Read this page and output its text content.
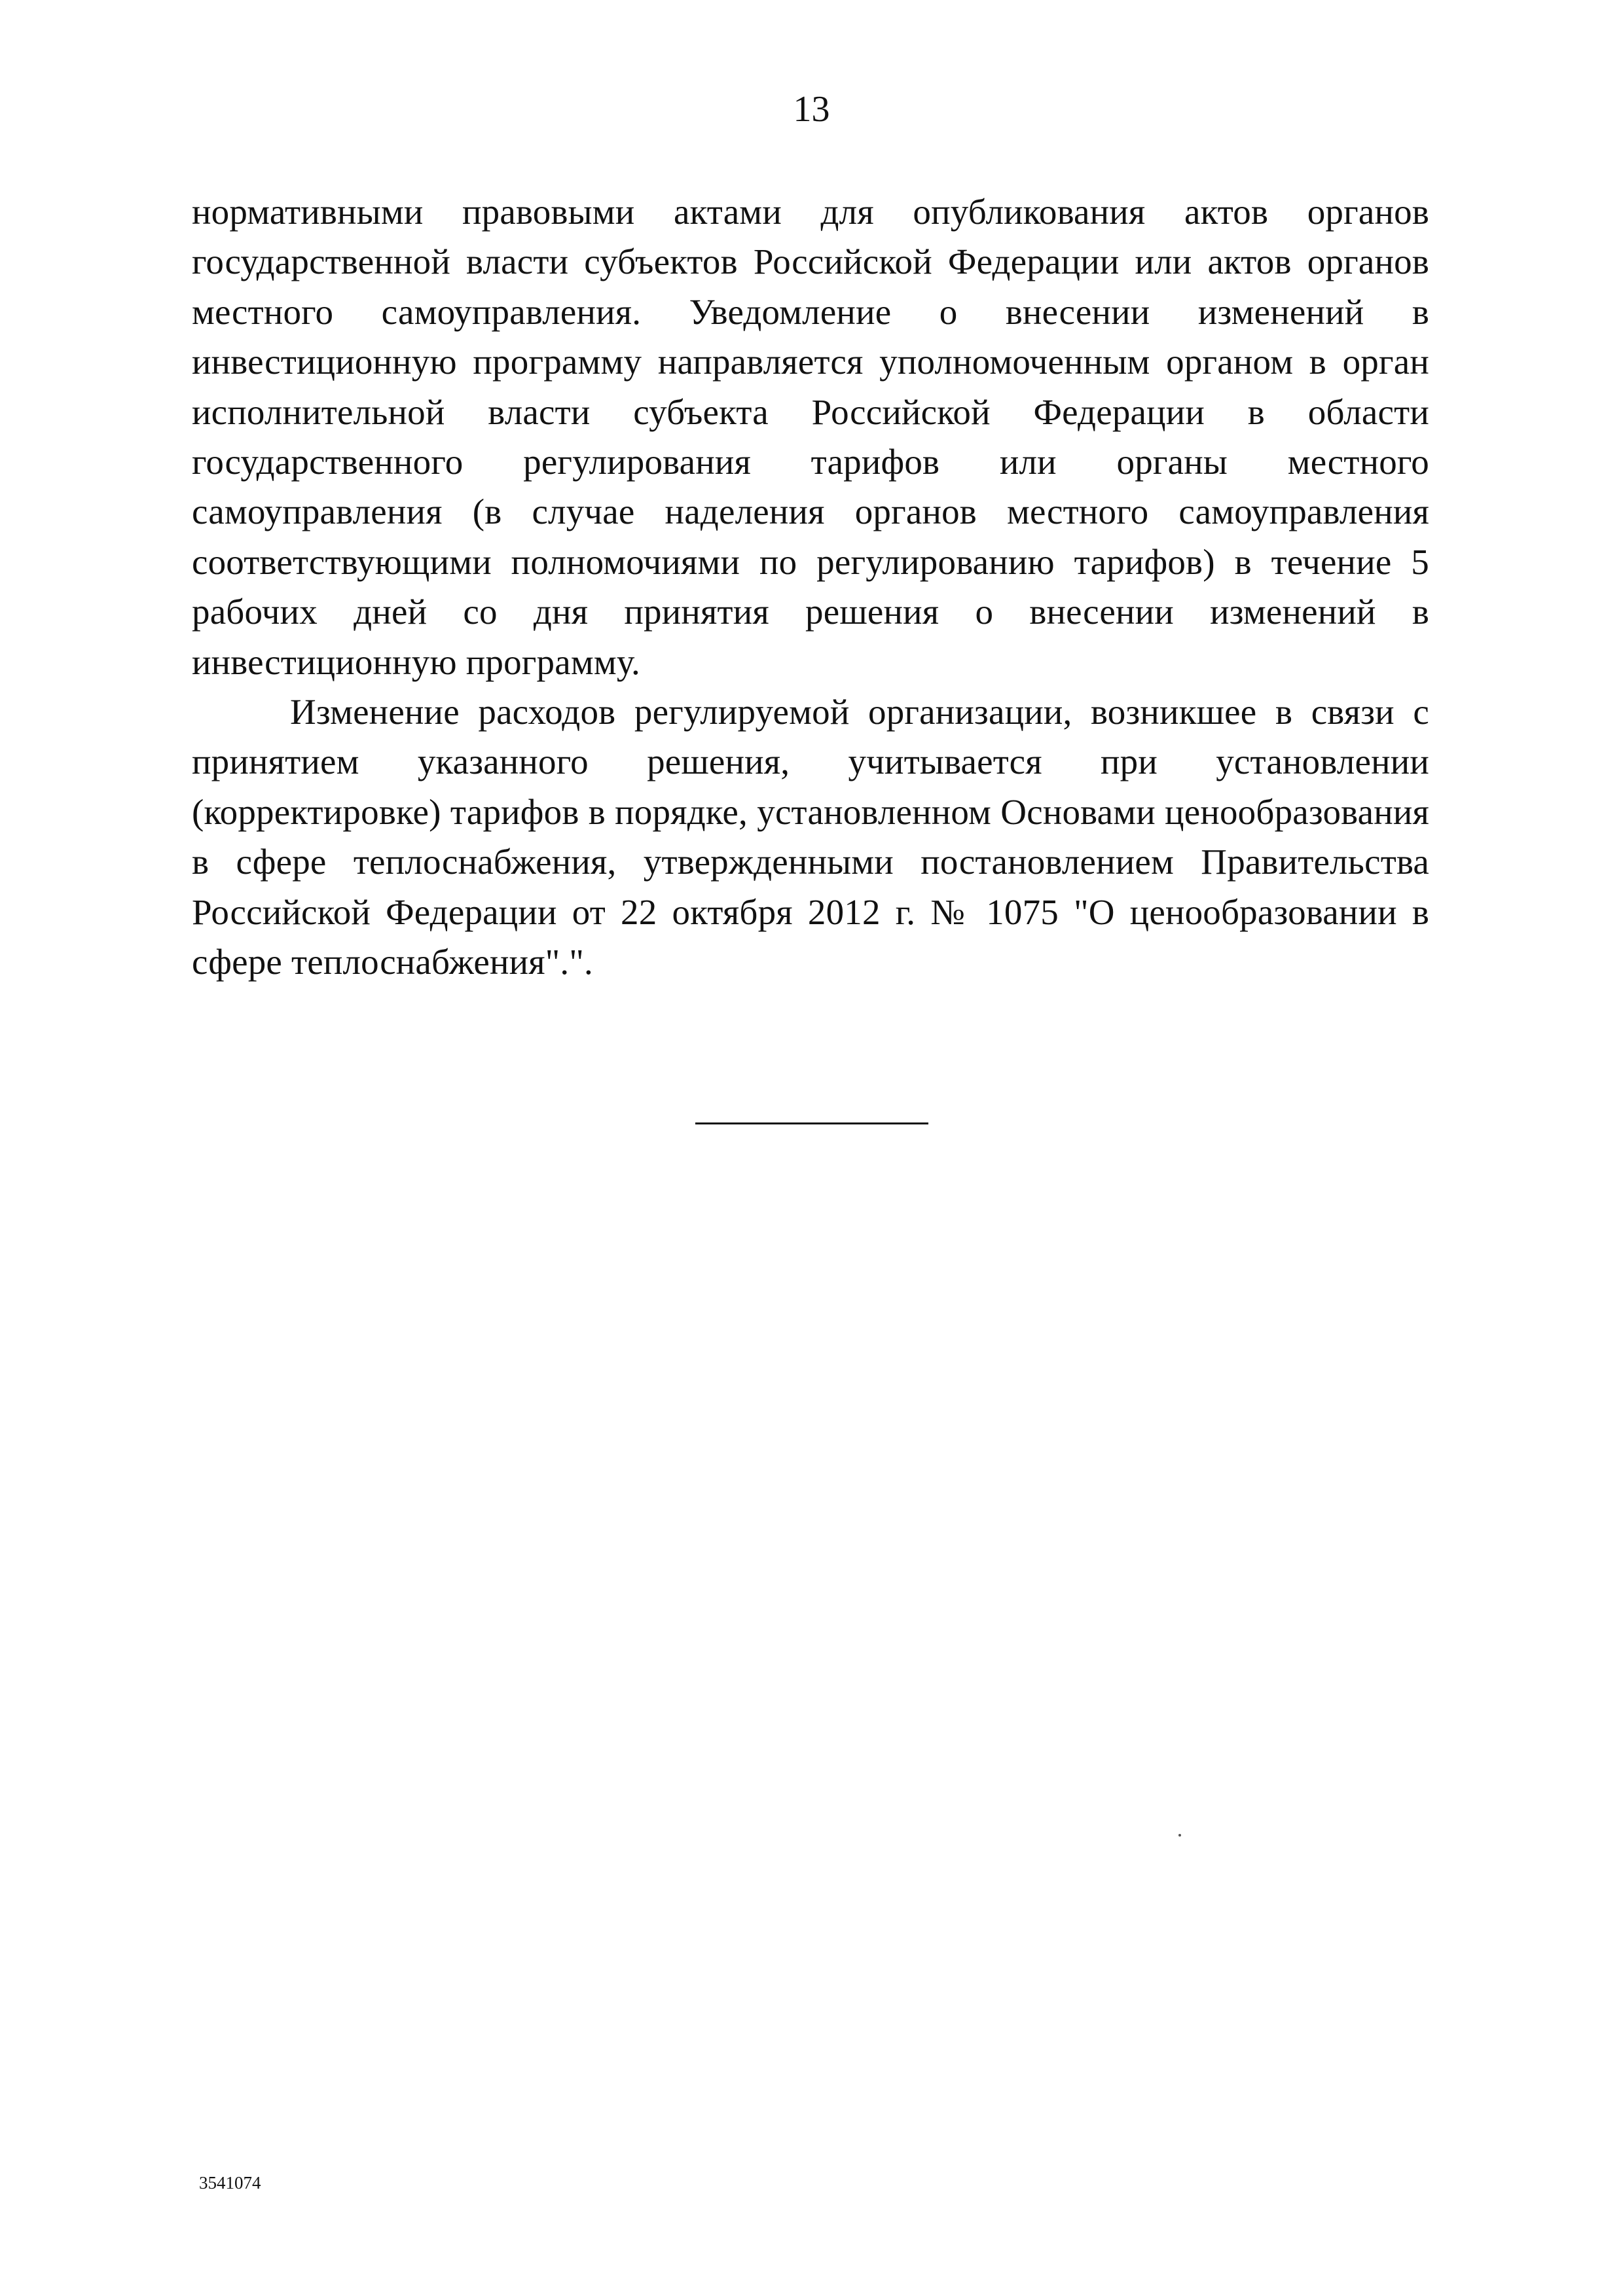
13

нормативными правовыми актами для опубликования актов органов государственной власти субъектов Российской Федерации или актов органов местного самоуправления. Уведомление о внесении изменений в инвестиционную программу направляется уполномоченным органом в орган исполнительной власти субъекта Российской Федерации в области государственного регулирования тарифов или органы местного самоуправления (в случае наделения органов местного самоуправления соответствующими полномочиями по регулированию тарифов) в течение 5 рабочих дней со дня принятия решения о внесении изменений в инвестиционную программу.

Изменение расходов регулируемой организации, возникшее в связи с принятием указанного решения, учитывается при установлении (корректировке) тарифов в порядке, установленном Основами ценообразования в сфере теплоснабжения, утвержденными постановлением Правительства Российской Федерации от 22 октября 2012 г. № 1075 "О ценообразовании в сфере теплоснабжения".".

3541074
